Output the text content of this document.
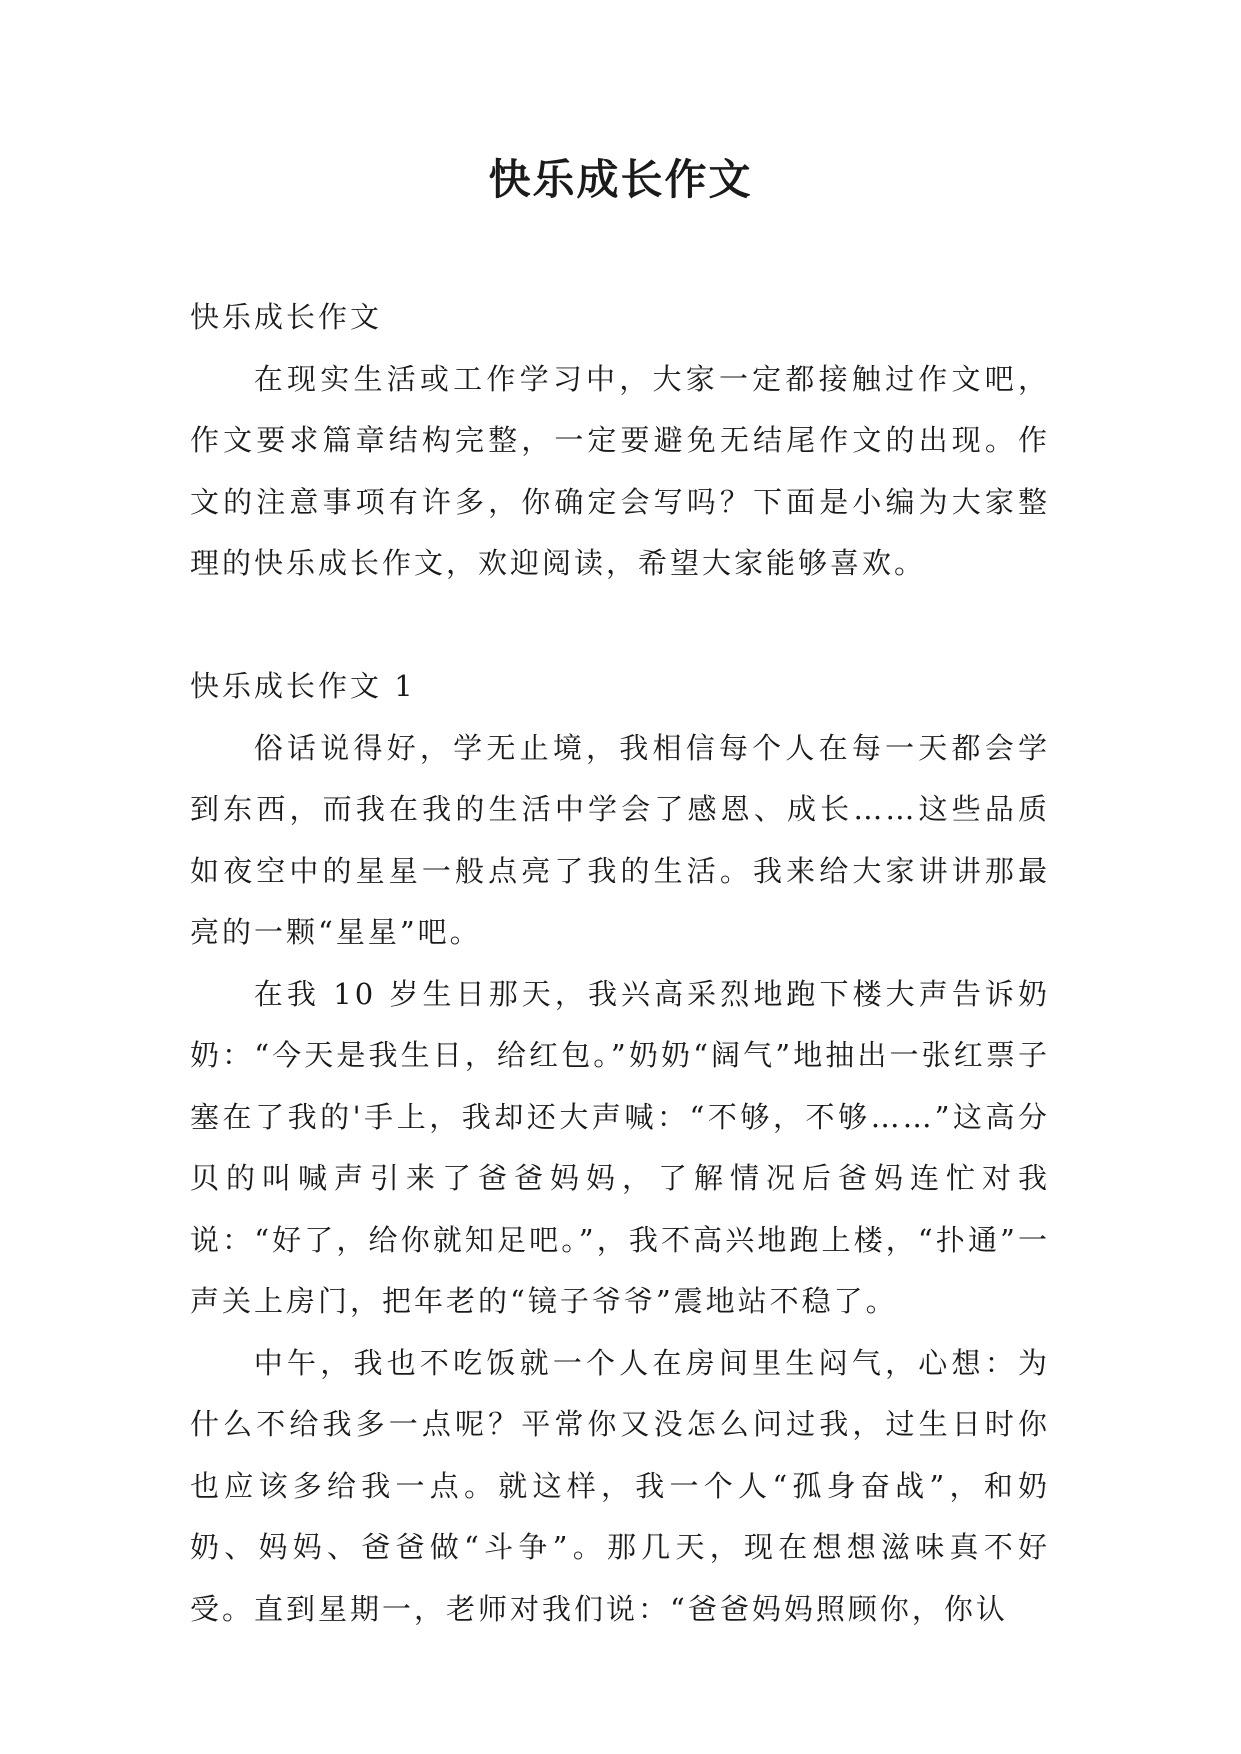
快乐成长作文

快乐成长作文

在现实生活或工作学习中，大家一定都接触过作文吧，作文要求篇章结构完整，一定要避免无结尾作文的出现。作文的注意事项有许多，你确定会写吗？下面是小编为大家整理的快乐成长作文，欢迎阅读，希望大家能够喜欢。

快乐成长作文 1

俗话说得好，学无止境，我相信每个人在每一天都会学到东西，而我在我的生活中学会了感恩、成长……这些品质如夜空中的星星一般点亮了我的生活。我来给大家讲讲那最亮的一颗“星星”吧。

在我 10 岁生日那天，我兴高采烈地跑下楼大声告诉奶奶：“今天是我生日，给红包。”奶奶“阔气”地抽出一张红票子塞在了我的'手上，我却还大声喊：“不够，不够……”这高分贝的叫喊声引来了爸爸妈妈，了解情况后爸妈连忙对我说：“好了，给你就知足吧。”，我不高兴地跑上楼，“扑通”一声关上房门，把年老的“镜子爷爷”震地站不稳了。

中午，我也不吃饭就一个人在房间里生闷气，心想：为什么不给我多一点呢？平常你又没怎么问过我，过生日时你也应该多给我一点。就这样，我一个人“孤身奋战”，和奶奶、妈妈、爸爸做“斗争”。那几天，现在想想滋味真不好受。直到星期一，老师对我们说：“爸爸妈妈照顾你，你认
